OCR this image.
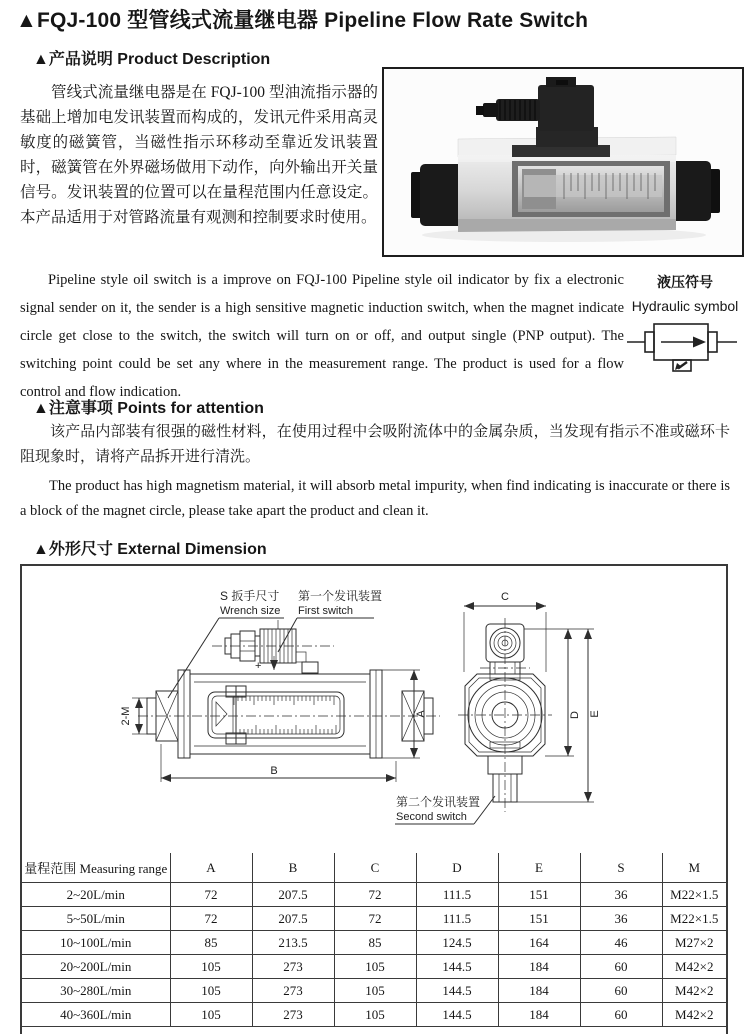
▲FQJ-100 型管线式流量继电器 Pipeline Flow Rate Switch
▲产品说明 Product Description
管线式流量继电器是在 FQJ-100 型油流指示器的基础上增加电发讯装置而构成的，发讯元件采用高灵敏度的磁簧管，当磁性指示环移动至靠近发讯装置时，磁簧管在外界磁场做用下动作，向外输出开关量信号。发讯装置的位置可以在量程范围内任意设定。本产品适用于对管路流量有观测和控制要求时使用。
Pipeline style oil switch is a improve on FQJ-100 Pipeline style oil indicator by fix a electronic signal sender on it, the sender is a high sensitive magnetic induction switch, when the magnet indicate circle get close to the switch, the switch will turn on or off, and output single (PNP output). The switching point could be set any where in the measurement range. The product is used for a flow control and flow indication.
液压符号
Hydraulic symbol
▲注意事项 Points for attention
该产品内部装有很强的磁性材料，在使用过程中会吸附流体中的金属杂质，当发现有指示不准或磁环卡阻现象时，请将产品拆开进行清洗。
The product has high magnetism material, it will absorb metal impurity, when find indicating is inaccurate or there is a block of the magnet circle, please take apart the product and clean it.
▲外形尺寸 External Dimension
S 扳手尺寸
Wrench size
第一个发讯装置
First switch
+
2-M	A
B
C
D E
第二个发讯装置
Second switch
量程范围 Measuring range	A	B	C	D	E	S	M
2~20L/min	72	207.5	72	111.5	151	36	M22×1.5
5~50L/min	72	207.5	72	111.5	151	36	M22×1.5
10~100L/min	85	213.5	85	124.5	164	46	M27×2
20~200L/min	105	273	105	144.5	184	60	M42×2
30~280L/min	105	273	105	144.5	184	60	M42×2
40~360L/min	105	273	105	144.5	184	60	M42×2
